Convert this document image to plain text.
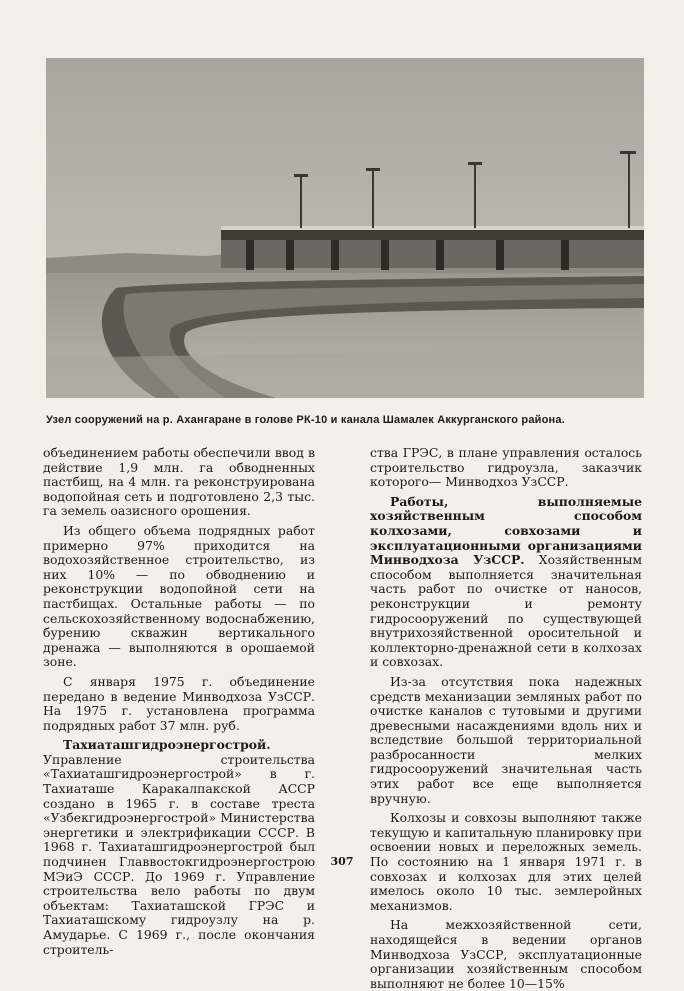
Узел сооружений на р. Ахангаране в голове РК-10 и канала Шамалек Аккурганского района.

объединением работы обеспечили ввод в действие 1,9 млн. га обводненных пастбищ, на 4 млн. га реконструирована водопойная сеть и подготовлено 2,3 тыс. га земель оазисного орошения.

Из общего объема подрядных работ примерно 97% приходится на водохозяйственное строительство, из них 10% — по обводнению и реконструкции водопойной сети на пастбищах. Остальные работы — по сельскохозяйственному водоснабжению, бурению скважин вертикального дренажа — выполняются в орошаемой зоне.

С января 1975 г. объединение передано в ведение Минводхоза УзССР. На 1975 г. установлена программа подрядных работ 37 млн. руб.

Тахиаташгидроэнергострой. Управление строительства «Тахиаташгидроэнергострой» в г. Тахиаташе Каракалпакской АССР создано в 1965 г. в составе треста «Узбекгидроэнергострой» Министерства энергетики и электрификации СССР. В 1968 г. Тахиаташгидроэнергострой был подчинен Главвостокгидроэнергострою МЭиЭ СССР. До 1969 г. Управление строительства вело работы по двум объектам: Тахиаташской ГРЭС и Тахиаташскому гидроузлу на р. Амударье. С 1969 г., после окончания строитель-

ства ГРЭС, в плане управления осталось строительство гидроузла, заказчик которого— Минводхоз УзССР.

Работы, выполняемые хозяйственным способом колхозами, совхозами и эксплуатационными организациями Минводхоза УзССР. Хозяйственным способом выполняется значительная часть работ по очистке от наносов, реконструкции и ремонту гидросооружений по существующей внутрихозяйственной оросительной и коллекторно-дренажной сети в колхозах и совхозах.

Из-за отсутствия пока надежных средств механизации земляных работ по очистке каналов с тутовыми и другими древесными насаждениями вдоль них и вследствие большой территориальной разбросанности мелких гидросооружений значительная часть этих работ все еще выполняется вручную.

Колхозы и совхозы выполняют также текущую и капитальную планировку при освоении новых и переложных земель. По состоянию на 1 января 1971 г. в совхозах и колхозах для этих целей имелось около 10 тыс. землеройных механизмов.

На межхозяйственной сети, находящейся в ведении органов Минводхоза УзССР, эксплуатационные организации хозяйственным способом выполняют не более 10—15%

307
